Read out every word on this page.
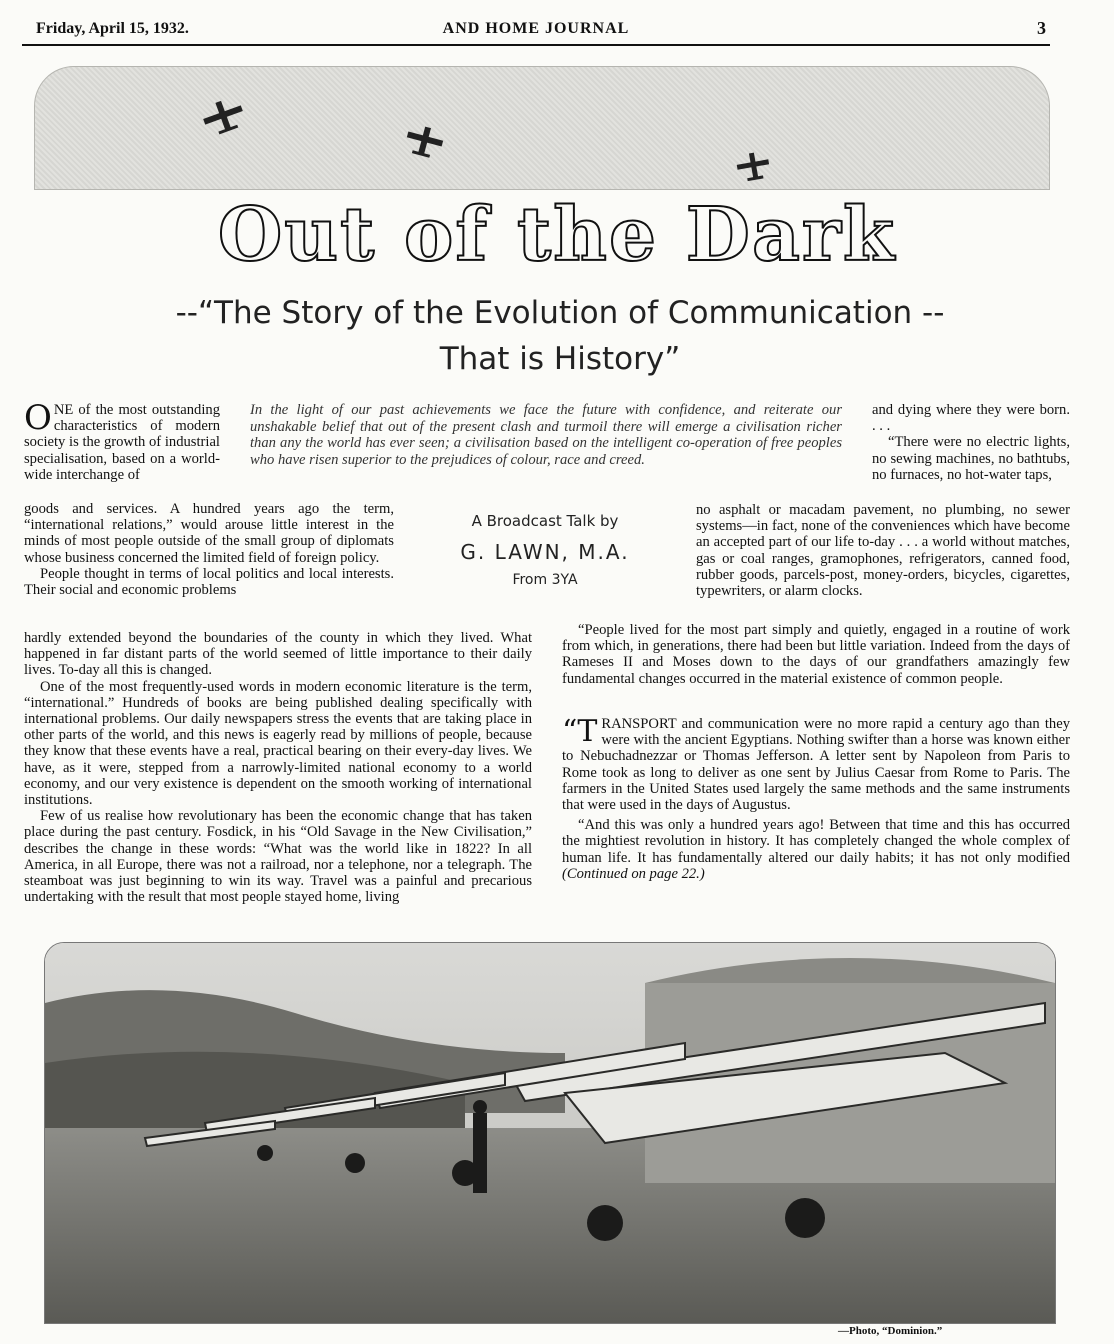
Friday, April 15, 1932.	AND HOME JOURNAL	3
Out of the Dark
--“The Story of the Evolution of Communication --
That is History”

ONE of the most outstanding characteristics of modern society is the growth of industrial specialisation, based on a world-wide interchange of

goods and services. A hundred years ago the term, “international relations,” would arouse little interest in the minds of most people outside of the small group of diplomats whose business concerned the limited field of foreign policy.

People thought in terms of local politics and local interests. Their social and economic problems

In the light of our past achievements we face the future with confidence, and reiterate our unshakable belief that out of the present clash and turmoil there will emerge a civilisation richer than any the world has ever seen; a civilisation based on the intelligent co-operation of free peoples who have risen superior to the prejudices of colour, race and creed.
A Broadcast Talk by
G. LAWN, M.A.
From 3YA

hardly extended beyond the boundaries of the county in which they lived. What happened in far distant parts of the world seemed of little importance to their daily lives. To-day all this is changed.

One of the most frequently-used words in modern economic literature is the term, “international.” Hundreds of books are being published dealing specifically with international problems. Our daily newspapers stress the events that are taking place in other parts of the world, and this news is eagerly read by millions of people, because they know that these events have a real, practical bearing on their every-day lives. We have, as it were, stepped from a narrowly-limited national economy to a world economy, and our very existence is dependent on the smooth working of international institutions.

Few of us realise how revolutionary has been the economic change that has taken place during the past century. Fosdick, in his “Old Savage in the New Civilisation,” describes the change in these words: “What was the world like in 1822? In all America, in all Europe, there was not a railroad, nor a telephone, nor a telegraph. The steamboat was just beginning to win its way. Travel was a painful and precarious undertaking with the result that most people stayed home, living

and dying where they were born. . . .

“There were no electric lights, no sewing machines, no bathtubs, no furnaces, no hot-water taps,

no asphalt or macadam pavement, no plumbing, no sewer systems—in fact, none of the conveniences which have become an accepted part of our life to-day . . . a world without matches, gas or coal ranges, gramophones, refrigerators, canned food, rubber goods, parcels-post, money-orders, bicycles, cigarettes, typewriters, or alarm clocks.

“People lived for the most part simply and quietly, engaged in a routine of work from which, in generations, there had been but little variation. Indeed from the days of Rameses II and Moses down to the days of our grandfathers amazingly few fundamental changes occurred in the material existence of common people.

“TRANSPORT and communication were no more rapid a century ago than they were with the ancient Egyptians. Nothing swifter than a horse was known either to Nebuchadnezzar or Thomas Jefferson. A letter sent by Napoleon from Paris to Rome took as long to deliver as one sent by Julius Caesar from Rome to Paris. The farmers in the United States used largely the same methods and the same instruments that were used in the days of Augustus.

“And this was only a hundred years ago! Between that time and this has occurred the mightiest revolution in history. It has completely changed the whole complex of human life. It has fundamentally altered our daily habits; it has not only modified (Continued on page 22.)

—Photo, “Dominion.”
